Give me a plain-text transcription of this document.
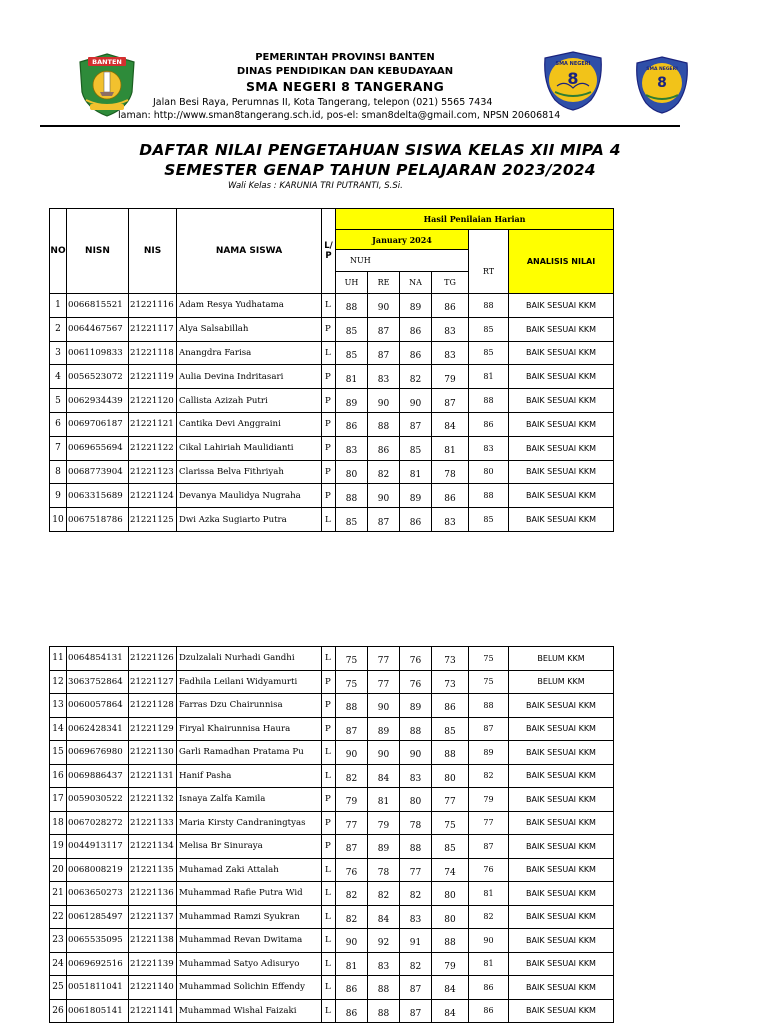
BANTEN	PEMERINTAH PROVINSI BANTEN
DINAS PENDIDIKAN DAN KEBUDAYAAN
SMA NEGERI 8 TANGERANG
Jalan Besi Raya, Perumnas II, Kota Tangerang, telepon (021) 5565 7434
laman: http://www.sman8tangerang.sch.id, pos-el: sman8delta@gmail.com, NPSN 20606814
SMA NEGERI
8	SMA NEGERI
8
DAFTAR NILAI PENGETAHUAN SISWA KELAS XII MIPA 4
SEMESTER GENAP TAHUN PELAJARAN 2023/2024
Wali Kelas : KARUNIA TRI PUTRANTI, S.Si.
NO	NISN	NIS	NAMA SISWA	L/
P	Hasil Penilaian Harian					
					January 2024					ANALISIS NILAI
					NUH				RT	
					UH	RE	NA	TG		
1	0066815521	21221116	Adam Resya Yudhatama	L	88	90	89	86	88	BAIK SESUAI KKM
2	0064467567	21221117	Alya Salsabillah	P	85	87	86	83	85	BAIK SESUAI KKM
3	0061109833	21221118	Anangdra Farisa	L	85	87	86	83	85	BAIK SESUAI KKM
4	0056523072	21221119	Aulia Devina Indritasari	P	81	83	82	79	81	BAIK SESUAI KKM
5	0062934439	21221120	Callista Azizah Putri	P	89	90	90	87	88	BAIK SESUAI KKM
6	0069706187	21221121	Cantika Devi Anggraini	P	86	88	87	84	86	BAIK SESUAI KKM
7	0069655694	21221122	Cikal Lahiriah Maulidianti	P	83	86	85	81	83	BAIK SESUAI KKM
8	0068773904	21221123	Clarissa Belva Fithriyah	P	80	82	81	78	80	BAIK SESUAI KKM
9	0063315689	21221124	Devanya Maulidya Nugraha	P	88	90	89	86	88	BAIK SESUAI KKM
10	0067518786	21221125	Dwi Azka Sugiarto Putra	L	85	87	86	83	85	BAIK SESUAI KKM
11	0064854131	21221126	Dzulzalali Nurhadi Gandhi	L	75	77	76	73	75	BELUM KKM
12	3063752864	21221127	Fadhila Leilani Widyamurti	P	75	77	76	73	75	BELUM KKM
13	0060057864	21221128	Farras Dzu Chairunnisa	P	88	90	89	86	88	BAIK SESUAI KKM
14	0062428341	21221129	Firyal Khairunnisa Haura	P	87	89	88	85	87	BAIK SESUAI KKM
15	0069676980	21221130	Garli Ramadhan Pratama Pu	L	90	90	90	88	89	BAIK SESUAI KKM
16	0069886437	21221131	Hanif Pasha	L	82	84	83	80	82	BAIK SESUAI KKM
17	0059030522	21221132	Isnaya Zalfa Kamila	P	79	81	80	77	79	BAIK SESUAI KKM
18	0067028272	21221133	Maria Kirsty Candraningtyas	P	77	79	78	75	77	BAIK SESUAI KKM
19	0044913117	21221134	Melisa Br Sinuraya	P	87	89	88	85	87	BAIK SESUAI KKM
20	0068008219	21221135	Muhamad Zaki Attalah	L	76	78	77	74	76	BAIK SESUAI KKM
21	0063650273	21221136	Muhammad Rafie Putra Wid	L	82	82	82	80	81	BAIK SESUAI KKM
22	0061285497	21221137	Muhammad Ramzi Syukran	L	82	84	83	80	82	BAIK SESUAI KKM
23	0065535095	21221138	Muhammad Revan Dwitama	L	90	92	91	88	90	BAIK SESUAI KKM
24	0069692516	21221139	Muhammad Satyo Adisuryo	L	81	83	82	79	81	BAIK SESUAI KKM
25	0051811041	21221140	Muhammad Solichin Effendy	L	86	88	87	84	86	BAIK SESUAI KKM
26	0061805141	21221141	Muhammad Wishal Faizaki	L	86	88	87	84	86	BAIK SESUAI KKM
